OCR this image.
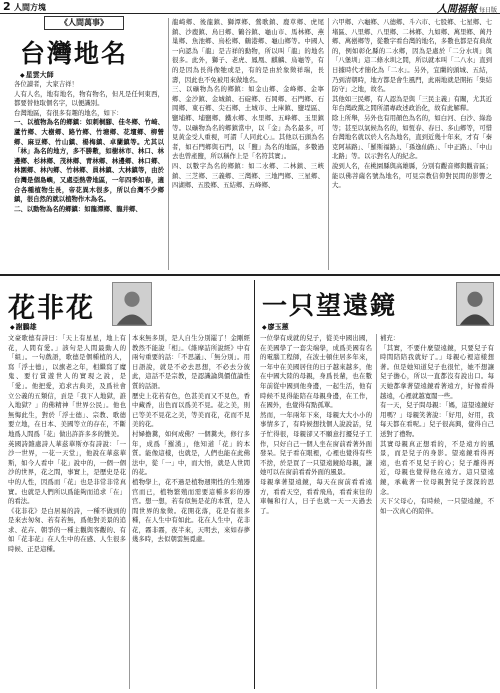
2 人間方塊	人間福報 每日版
《人間萬事》
台灣地名
◆星雲大師

各位讀者，大家吉祥！

人有人名，地有地名，物有物名，但凡是任何東西，都要替他取個名字，以便識別。

台灣地區，有很多有趣的地名，如下：

一、以植物為名的鄉鎮：如刺桐腳、佳冬鄉、竹崎、蘆竹鄉、大樹鄉、路竹鄉、竹塘鄉、花壇鄉、柳營鄉、麻豆鄉、竹山鎮、楊梅鎮、卓蘭鎮等。尤其以「林」為名的地方，多不勝數，如樹林市、林口、林邊鄉、杉林鄉、茂林鄉、青林鄉、林邊鄉、林口鄉、林園鄉、林內鄉、竹林鄉、員林鎮、大林鎮等，由於台灣是個島嶼，又處亞熱帶地區，一年四季如春，適合各種植物生長，帝花異木很多，所以台灣不少鄉鎮，很自然的就以植物作木為名。

二、以動物為名的鄉鎮：如龍潭鄉、龍井鄉、

龍崎鄉、後龍鎮、獅潭鄉、鶯歌鎮、鹿草鄉、虎尾鎮、沙鹿鎮、鳥日鄉、鶴谷鎮、龜山市、馬林鄉、燕巢鄉、魚池鄉、鳥松鄉、鶴港鄉、龜山鄉等。中國人一向認為「龍」是吉祥的動物，所以叫「龍」的地名很多。此外，獅子、老虎、鳳凰、麒麟、烏龜等，有的是因為長得像牠或是，有的是由於象徵祥瑞，長壽，因此也不免被用來做地名。

三、以礦物為名的鄉鎮：如金山鄉、金峰鄉、金寧鄉、金沙鎮、金城鎮、石碇鄉、石岡鄉、石門鄉、石岡鄉、東石鄉、尖石鄉、土城市、土庫鎮、鹽埕區、鹽埔鄉、埔鹽鄉、鐵水鄉、水里鄉、五峰鄉、玉里鎮等。以礦物為名的鄉鎮當中，以「金」為名最多，可見黃金受人重視，可謂「人同此心」。其他以石頭為名者，如石門鄉與石門，以「鹽」為名的地區，多數過去也曾產鹽，所以稱作上是「名符其實」。

四、以數字為名的鄉鎮：如二水鄉、二林鎮、三峽鎮、三芝鄉、三義鄉、三灣鄉、三地門鄉、三星鄉、四湖鄉、五股鄉、五結鄉、五峰鄉、

六甲鄉、六龜鄉、八德鄉、斗六市、七股鄉、七星鄉、七堵區、八里鄉、八里鄉、二林鄉、九如鄉、萬里鄉、萬丹鄉、萬巒鄉等，從數字看台灣的地名，多數也都是有典故的，例如彰化縣的二水鄉，因為是處於「二分水圳」與「八堡圳」這二條水圳之間，所以就本叫「二八水」直到日據時代才簡化為「二水」。另外，宜蘭的頭城、五結，乃到清朝時，地方都是會生風門，此兩地就是開拓「集結防守」之地，故名。

其他如三民鄉，有人認為是與「三民主義」有關，尤其近年台灣政黨之間所謂專政述政治化，故有此解釋。

除上所舉，另外也有用顏色為名的，如白河、白沙、綠島等；甚至以氣候為名的，如恆春、春日、多山鄉等，可惜台灣地名就以於人名為地名，直到近幾十年來，才有「秦克阿基路」、「羅斯福路」、「孫逸仙路」、「中正路」、「中山北路」等。以示對名人的紀念。

說到人名，在桃園縣與高雄縣，分別有觀音鄉與觀音區；能以佛菩薩名號為地名，可見宗教信仰對民間的影響之大。

花非花
◆謝鵬雄

文豪歌德有詩曰：「天上有星星，地上有花，人間有愛。」該句是人間最動人的「組」。一句戲語，歌德是個種植的人，寫「浮士德」，以旗老之年，相繼寫了魔鬼、要行賞遊世人的實現之說，是「愛」。他把愛，追求古典美，及爲社會立公義的五類信，貢是「我下人地獄，誰入地獄？」的佛精神「世界公民」。他也無悔此生，對於「浮士德」、宗教、歌德要立地，在日本、美國等立的存在，不斷地爲人間爲「花」做出許許多多的贊美。

英國詩雜處詩人華茲華斯亦有詩說：「一沙一世界，一花一天堂」，他說在華茲華斯，如今人看中「花」說中的，一個一個沙的世界，花之間，事實上，是歷史是花中的人性，因爲而「花」也是非常非常真實。也就是人們所以爲能夠而追求「在」的看法。

《花非花》是白居易的詩，一種不做到的是來去匆匆、若有若無，爲他對美景的追求、花卉、朝爭的一種主觀與客觀的、有如「花非花」在人生中的在感、人生很多時候、正是這種。

本來無多別，是人自生分別罷了！金剛經教然不能說「相」。《維摩詰所說經》中有兩句重要的話：「不思議」、「無分別」。用日語說，就是不必去思想，不必去分彼此，這話不是宗教，是認識論與價值論性質的話語。

歷史上花若有色，色甚美而又不見色，香中藏香，出色而以爲美不見。花之美，則已等美不見花之美，等美而花，花而不見美的花。

村婦擔糞，如何成佛？一個糞夫，修行多年，成爲「羅漢」，他知道「花」的本質。能像這樣，也就是，人們也能在此佛法中，從「一」中，而大悟，就是人世間的花。

植物學上，花不過是植物週期性的生殖器官而已，植物繁殖而需要這種多彩的器官。想一想，若有似無是花的本質，是人間世界的象徵。花開花落，花是有很多種，在人生中有如此。花在人生中，花非花，霧非霧，夜半來，天明去，來如春夢幾多時，去似朝雲無覓處。

一只望遠鏡
◆廖玉蕙

一位學有成就的兒子，從美中國出國，在美國學了一套尖端學，成爲美國有名的電腦工程師，在波士頓住居多年來，一年中在美國居住的日子越來越多，他在中國大陸的母親，身爲長輩，也在數年前從中國到他身邊，一起生活，他有時候不見得能陪在母親身邊，在工作，在國外，也覺得有點孤單。

然而，一年兩年下來，母親大大小小的事情多了，有時候想找個人說說話，兒子忙得很，母親卻又不願意打擾兒子工作，只好自己一個人坐在窗前看著外面發呆。兒子看在眼裡，心裡也覺得有些不捨，於是買了一只望遠鏡給母親，讓她可以在窗前看看外面的風景。

母親拿著望遠鏡，每天在窗前看看遠方，看看天空，看看飛鳥，看看來往的車輛和行人，日子也就一天一天過去了。

補充：

「其實，不要什麼望遠鏡，只要兒子有時間陪陪我就好了。」母親心裡這樣想著。但是她知道兒子也很忙，她不想讓兒子擔心，所以一直都沒有說出口。每天她都拿著望遠鏡看著遠方，好像看得越遠，心裡就越寬闊一些。

有一天，兒子問母親：「媽，這望遠鏡好用嗎？」母親笑著說：「好用，好用，我每天都在看呢。」兒子很高興，覺得自己送對了禮物。

其實母親真正想看的，不是遠方的風景，而是兒子的身影。望遠鏡看得再遠，也看不見兒子的心；兒子離得再近，母親也覺得他在遠方。這只望遠鏡，承載著一位母親對兒子深深的思念。

天下父母心，有時候，一只望遠鏡，不如一次真心的陪伴。
